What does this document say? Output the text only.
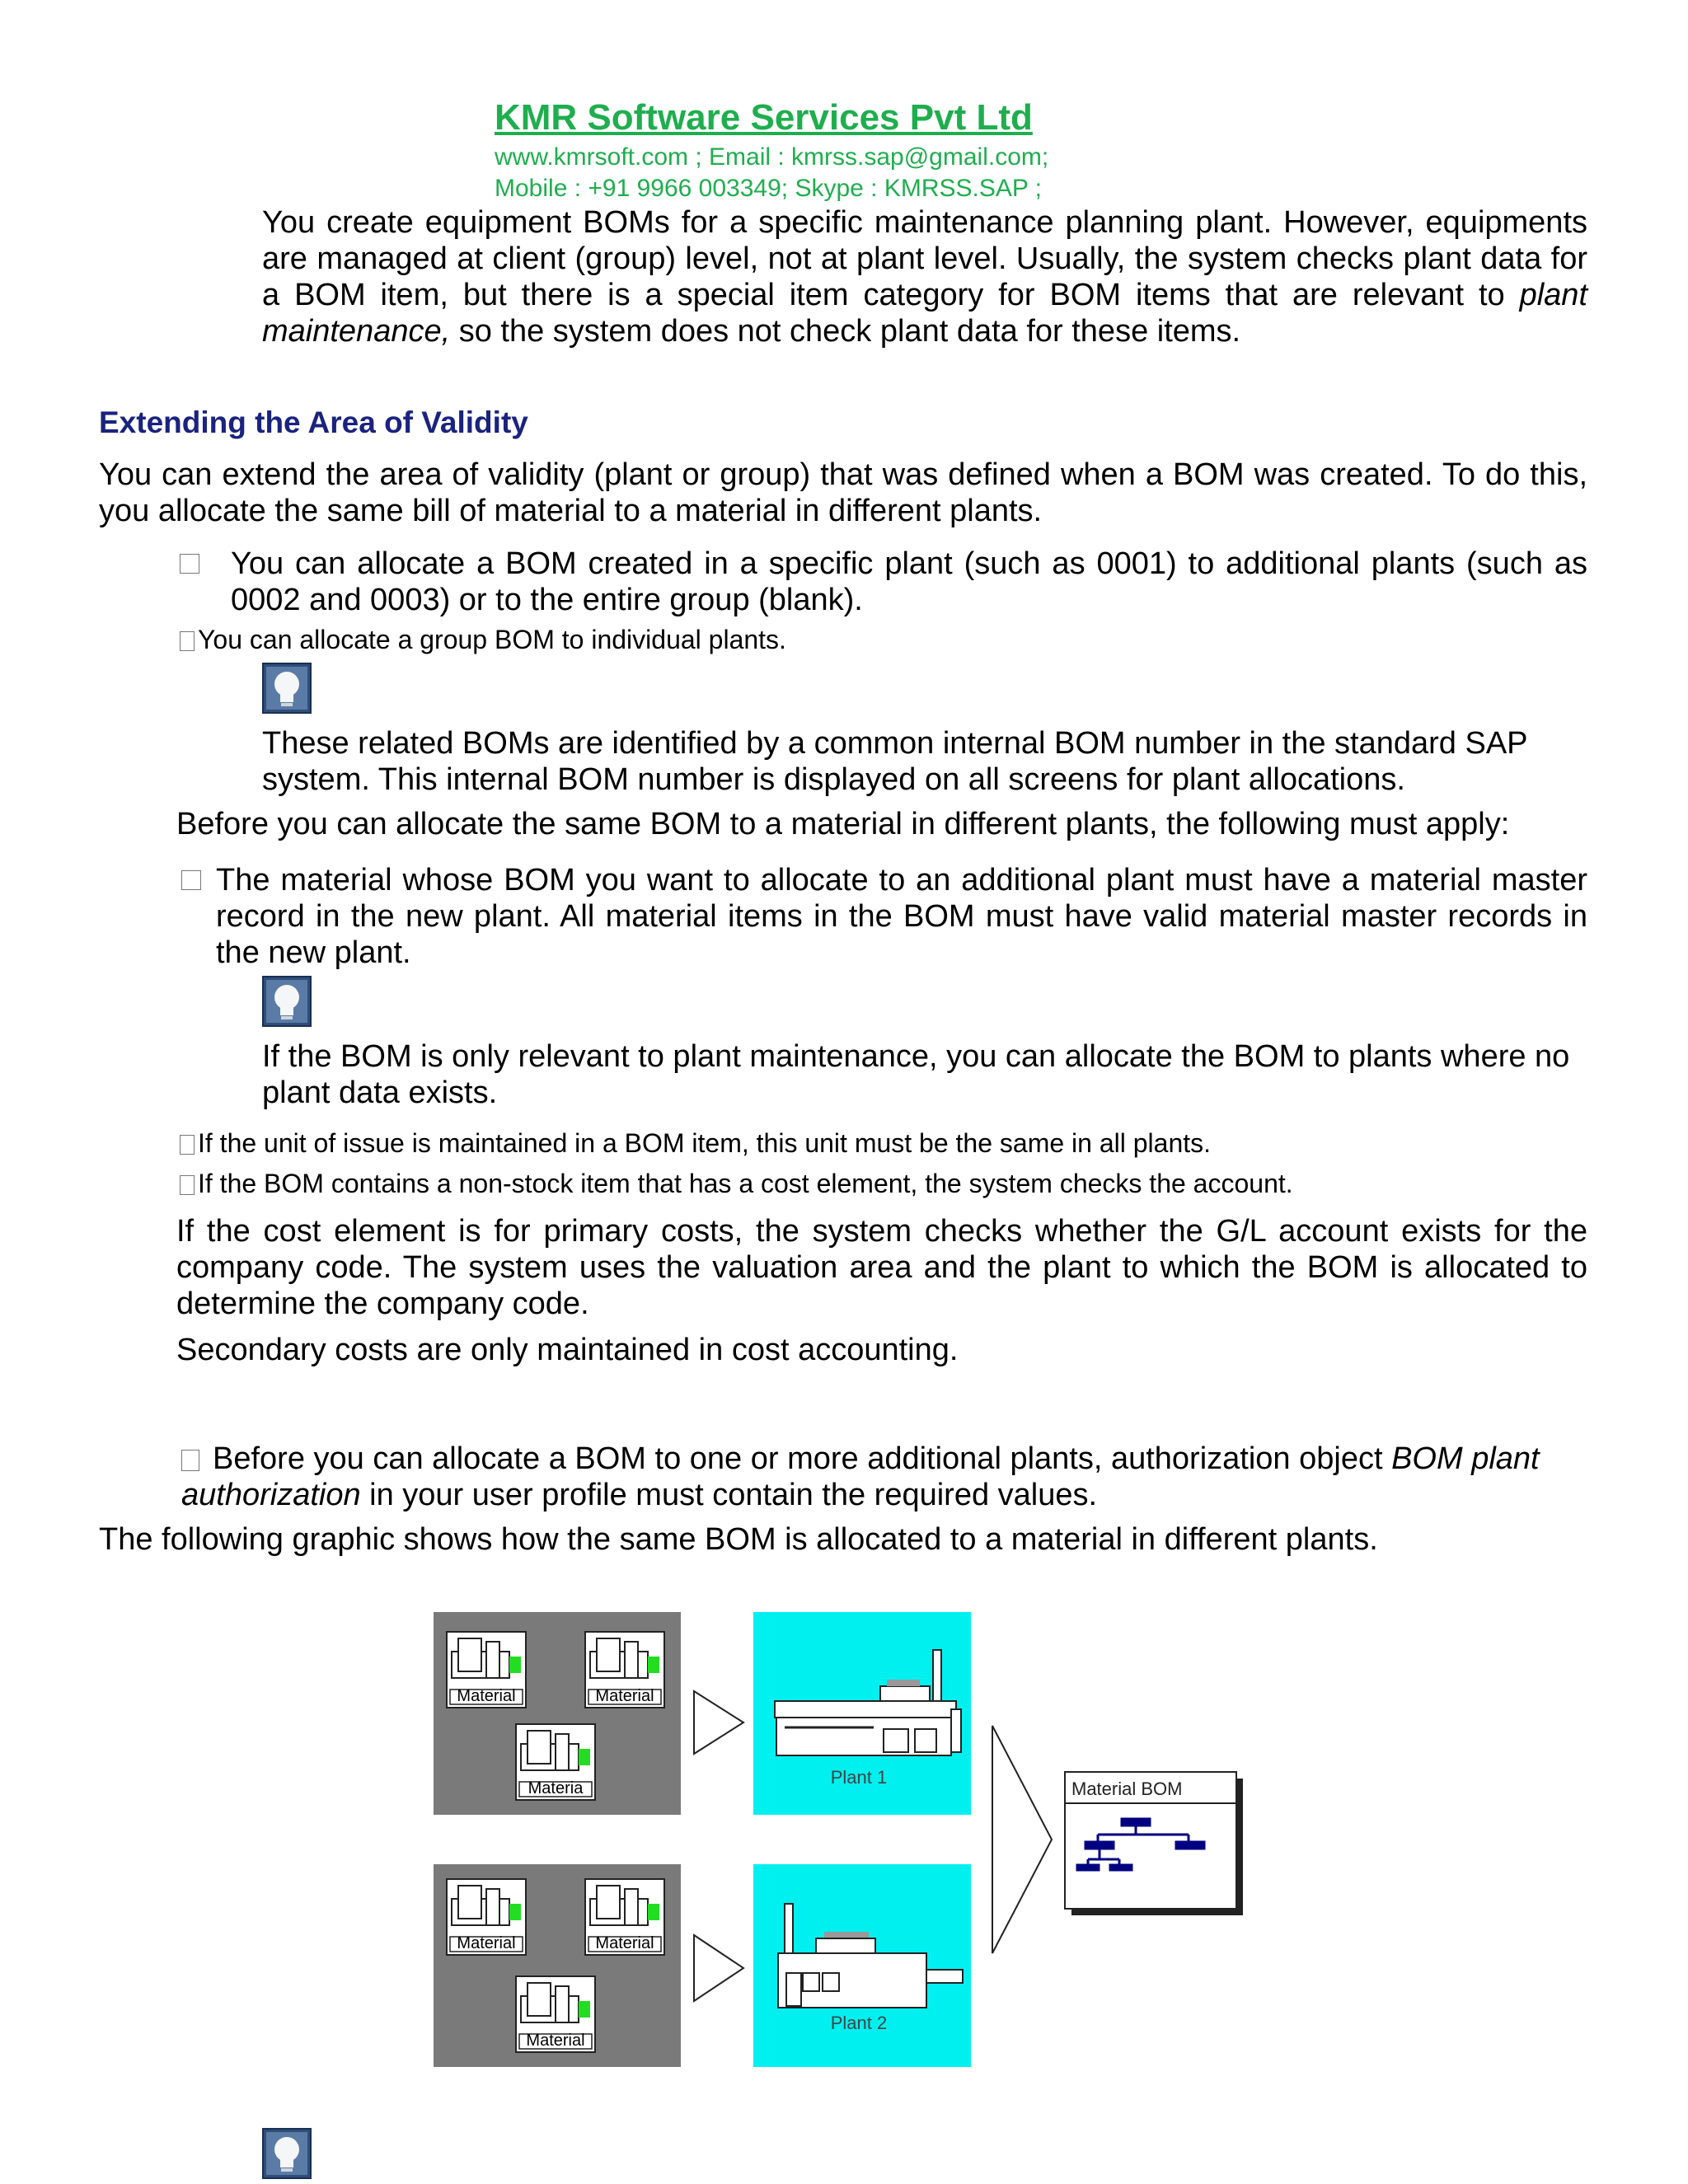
KMR Software Services Pvt Ltd
www.kmrsoft.com ; Email : kmrss.sap@gmail.com;
Mobile : +91 9966 003349; Skype : KMRSS.SAP ;
You create equipment BOMs for a specific maintenance planning plant. However, equipments are managed at client (group) level, not at plant level. Usually, the system checks plant data for a BOM item, but there is a special item category for BOM items that are relevant to plant maintenance, so the system does not check plant data for these items.
Extending the Area of Validity
You can extend the area of validity (plant or group) that was defined when a BOM was created. To do this, you allocate the same bill of material to a material in different plants.
You can allocate a BOM created in a specific plant (such as 0001) to additional plants (such as 0002 and 0003) or to the entire group (blank).
You can allocate a group BOM to individual plants.
These related BOMs are identified by a common internal BOM number in the standard SAP system. This internal BOM number is displayed on all screens for plant allocations.
Before you can allocate the same BOM to a material in different plants, the following must apply:
The material whose BOM you want to allocate to an additional plant must have a material master record in the new plant. All material items in the BOM must have valid material master records in the new plant.
If the BOM is only relevant to plant maintenance, you can allocate the BOM to plants where no plant data exists.
If the unit of issue is maintained in a BOM item, this unit must be the same in all plants.
If the BOM contains a non-stock item that has a cost element, the system checks the account.
If the cost element is for primary costs, the system checks whether the G/L account exists for the company code. The system uses the valuation area and the plant to which the BOM is allocated to determine the company code.
Secondary costs are only maintained in cost accounting.
Before you can allocate a BOM to one or more additional plants, authorization object BOM plant authorization in your user profile must contain the required values.
The following graphic shows how the same BOM is allocated to a material in different plants.
Material	Material
Materia
Plant 1
Material	Material
Material
Plant 2
Material BOM
